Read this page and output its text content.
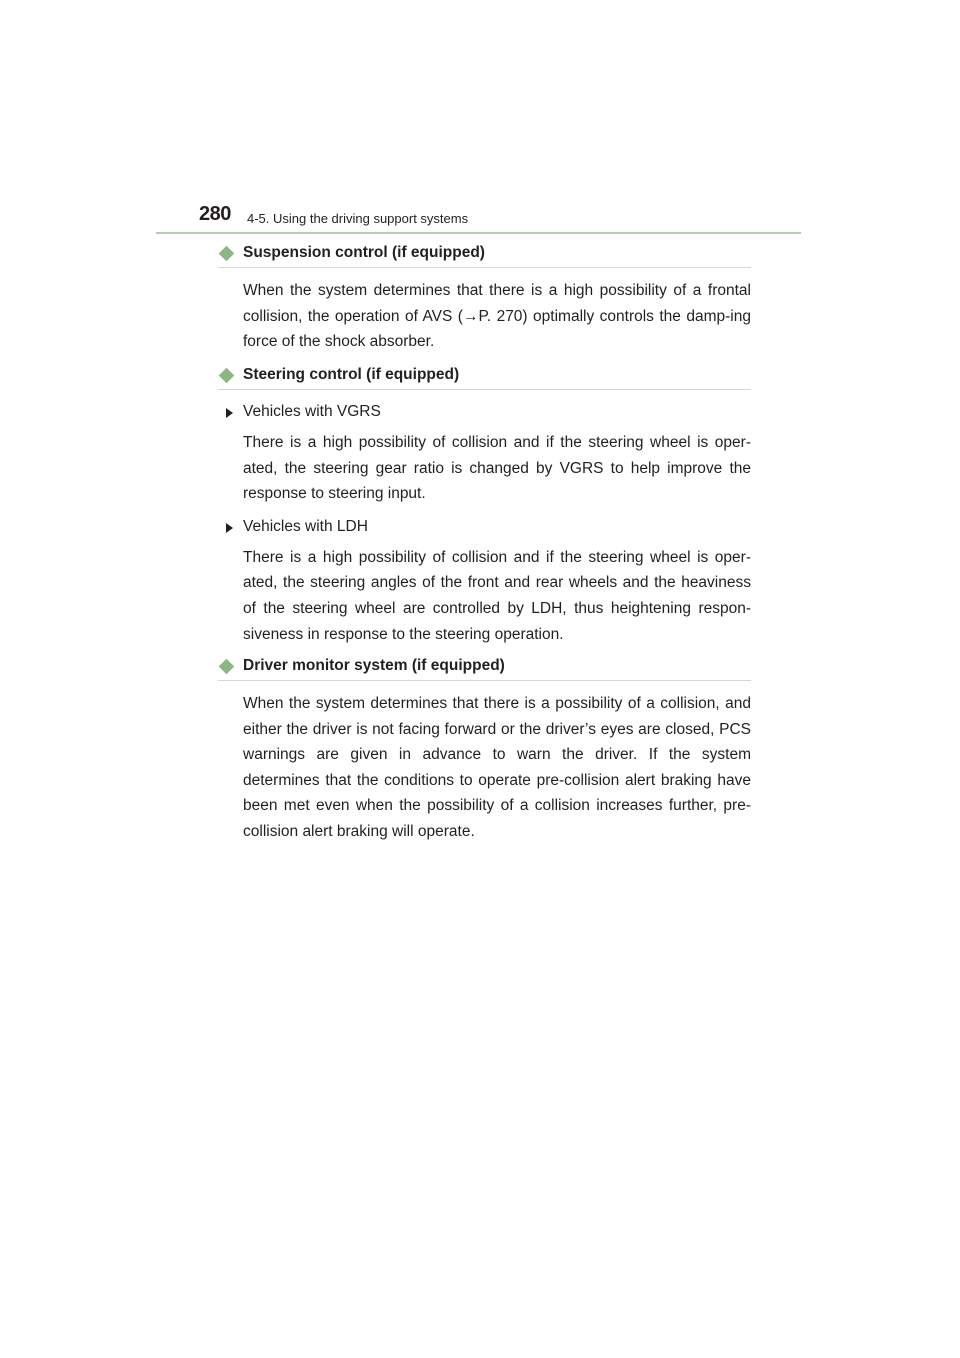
280 4-5. Using the driving support systems
Suspension control (if equipped)

When the system determines that there is a high possibility of a frontal collision, the operation of AVS (→P. 270) optimally controls the damp-ing force of the shock absorber.

Steering control (if equipped)
Vehicles with VGRS

There is a high possibility of collision and if the steering wheel is oper-ated, the steering gear ratio is changed by VGRS to help improve the response to steering input.

Vehicles with LDH

There is a high possibility of collision and if the steering wheel is oper-ated, the steering angles of the front and rear wheels and the heaviness of the steering wheel are controlled by LDH, thus heightening respon-siveness in response to the steering operation.

Driver monitor system (if equipped)

When the system determines that there is a possibility of a collision, and either the driver is not facing forward or the driver’s eyes are closed, PCS warnings are given in advance to warn the driver. If the system determines that the conditions to operate pre-collision alert braking have been met even when the possibility of a collision increases further, pre-collision alert braking will operate.
